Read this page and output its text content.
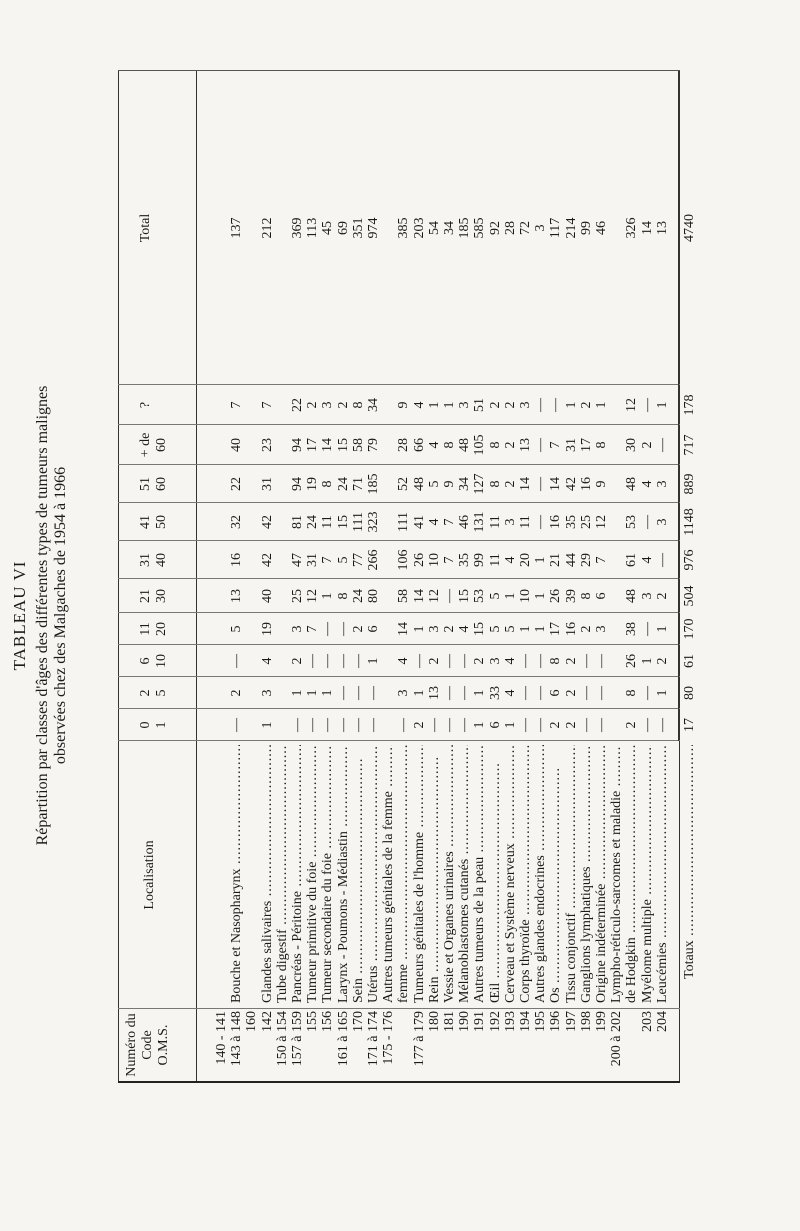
TABLEAU VI Répartition par classes d'âges des différentes types de tumeurs malignes observées chez des Malgaches de 1954 à 1966
Numéro du Code O.M.S.
Localisation
0 1
2 5
6 10
11 20
21 30
31 40
41 50
51 60
+ de 60
?
Total
140 - 141 143 à 148
Bouche et Nasopharynx .....
—
2
—
5
13
16
32
22
40
7
137
160 142
Glandes salivaires .....
1
3
4
19
40
42
42
31
23
7
212
150 à 154
Tube digestif .....
157 à 159
Pancréas - Péritoine .....
—
1
2
3
25
47
81
94
94
22
369
155
Tumeur primitive du foie .....
—
1
—
7
12
31
24
19
17
2
113
156
Tumeur secondaire du foie .....
—
1
—
—
1
7
11
8
14
3
45
161 à 165
Larynx - Poumons - Médiastin .....
—
—
—
—
8
5
15
24
15
2
69
170
Sein .....
—
—
—
2
24
77
111
71
58
8
351
171 à 174
Utérus .....
—
—
1
6
80
266
323
185
79
34
974
175 - 176
Autres tumeurs génitales de la femme ..... femme .....
—
3
4
14
58
106
111
52
28
9
385
177 à 179
Tumeurs génitales de l'homme .....
2
1
—
1
14
26
41
48
66
4
203
180
Rein .....
—
13
2
3
12
10
4
5
4
1
54
181
Vessie et Organes urinaires .....
—
—
—
2
—
7
7
9
8
1
34
190
Mélanoblastomes cutanés .....
—
—
—
4
15
35
46
34
48
3
185
191
Autres tumeurs de la peau .....
1
1
2
15
53
99
131
127
105
51
585
192
Œil .....
6
33
3
5
5
11
11
8
8
2
92
193
Cerveau et Système nerveux .....
1
4
4
5
1
4
3
2
2
2
28
194
Corps thyroïde .....
—
—
—
1
10
20
11
14
13
3
72
195
Autres glandes endocrines .....
—
—
—
1
1
1
—
—
—
—
3
196
Os .....
2
6
8
17
26
21
16
14
7
—
117
197
Tissu conjonctif .....
2
2
2
16
39
44
35
42
31
1
214
198
Ganglions lymphatiques .....
—
—
—
2
8
29
25
16
17
2
99
199
Origine indéterminée .....
—
—
—
3
6
7
12
9
8
1
46
200 à 202
Lympho-réticulo-sarcomes et maladie ..... de Hodgkin .....
2
8
26
38
48
61
53
48
30
12
326
203
Myélome multiple .....
—
—
1
—
3
4
—
4
2
—
14
204
Leucémies .....
—
1
2
1
2
—
3
3
—
1
13
Totaux .....
17
80
61
170
504
976
1148
889
717
178
4740
